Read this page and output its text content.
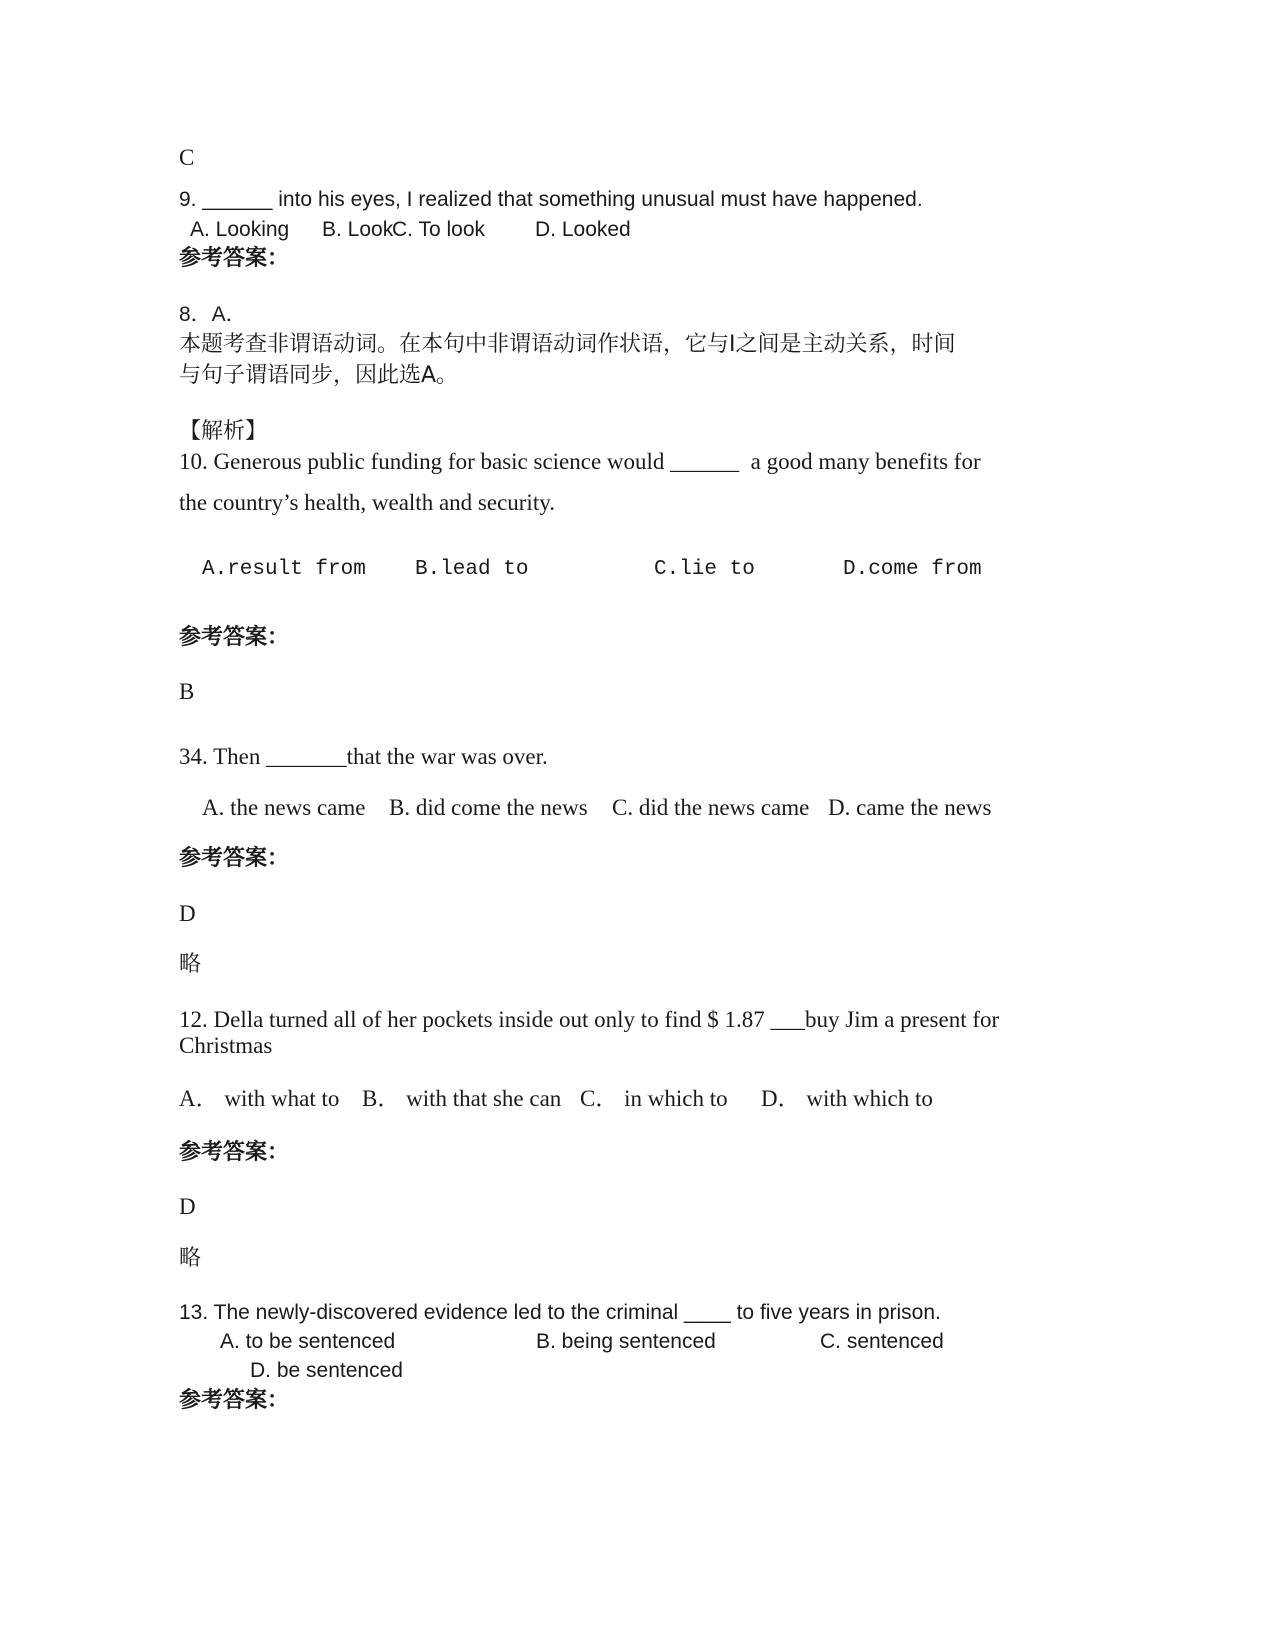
C
9. ______ into his eyes, I realized that something unusual must have happened.
A. Looking B. Look
C. To look D. Looked
参考答案：
8．A．
本题考查非谓语动词。在本句中非谓语动词作状语，它与I之间是主动关系，时间
与句子谓语同步，因此选A。
【解析】
10. Generous public funding for basic science would ______  a good many benefits for
the country’s health, wealth and security.
A.result from B.lead to	C.lie to	D.come from
参考答案：
B
34. Then _______that the war was over.
A. the news came B. did come the news C. did the news came D. came the news
参考答案：
D
略
12. Della turned all of her pockets inside out only to find $ 1.87 ___buy Jim a present for
Christmas
A． with what to B． with that she can C． in which to D． with which to
参考答案：
D
略
13. The newly-discovered evidence led to the criminal ____ to five years in prison.
A. to be sentenced	B. being sentenced	C. sentenced
D. be sentenced
参考答案：
